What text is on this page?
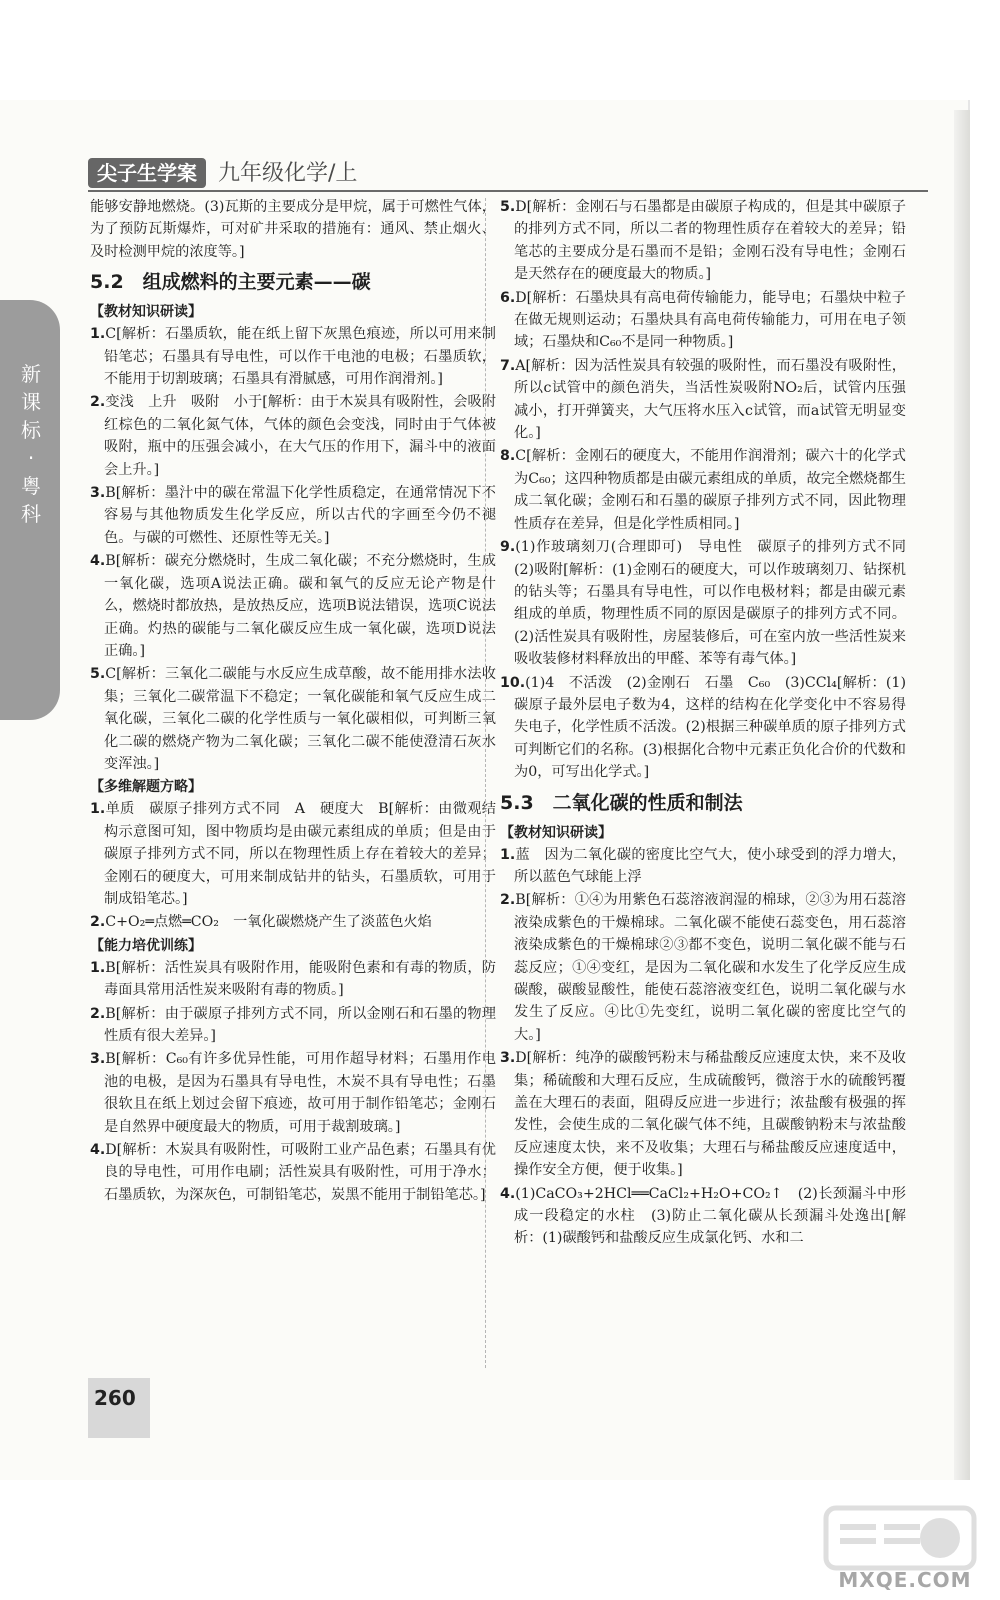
新课标·粤科
尖子生学案 九年级化学/上

能够安静地燃烧。(3)瓦斯的主要成分是甲烷，属于可燃性气体，为了预防瓦斯爆炸，可对矿井采取的措施有：通风、禁止烟火、及时检测甲烷的浓度等。]

5.2　组成燃料的主要元素——碳

【教材知识研读】

1.C[解析：石墨质软，能在纸上留下灰黑色痕迹，所以可用来制铅笔芯；石墨具有导电性，可以作干电池的电极；石墨质软，不能用于切割玻璃；石墨具有滑腻感，可用作润滑剂。]

2.变浅　上升　吸附　小于[解析：由于木炭具有吸附性，会吸附红棕色的二氧化氮气体，气体的颜色会变浅，同时由于气体被吸附，瓶中的压强会减小，在大气压的作用下，漏斗中的液面会上升。]

3.B[解析：墨汁中的碳在常温下化学性质稳定，在通常情况下不容易与其他物质发生化学反应，所以古代的字画至今仍不褪色。与碳的可燃性、还原性等无关。]

4.B[解析：碳充分燃烧时，生成二氧化碳；不充分燃烧时，生成一氧化碳，选项A说法正确。碳和氧气的反应无论产物是什么，燃烧时都放热，是放热反应，选项B说法错误，选项C说法正确。灼热的碳能与二氧化碳反应生成一氧化碳，选项D说法正确。]

5.C[解析：三氧化二碳能与水反应生成草酸，故不能用排水法收集；三氧化二碳常温下不稳定；一氧化碳能和氧气反应生成二氧化碳，三氧化二碳的化学性质与一氧化碳相似，可判断三氧化二碳的燃烧产物为二氧化碳；三氧化二碳不能使澄清石灰水变浑浊。]

【多维解题方略】

1.单质　碳原子排列方式不同　A　硬度大　B[解析：由微观结构示意图可知，图中物质均是由碳元素组成的单质；但是由于碳原子排列方式不同，所以在物理性质上存在着较大的差异；金刚石的硬度大，可用来制成钻井的钻头，石墨质软，可用于制成铅笔芯。]

2.C+O₂═点燃═CO₂　一氧化碳燃烧产生了淡蓝色火焰

【能力培优训练】

1.B[解析：活性炭具有吸附作用，能吸附色素和有毒的物质，防毒面具常用活性炭来吸附有毒的物质。]

2.B[解析：由于碳原子排列方式不同，所以金刚石和石墨的物理性质有很大差异。]

3.B[解析：C₆₀有许多优异性能，可用作超导材料；石墨用作电池的电极，是因为石墨具有导电性，木炭不具有导电性；石墨很软且在纸上划过会留下痕迹，故可用于制作铅笔芯；金刚石是自然界中硬度最大的物质，可用于裁割玻璃。]

4.D[解析：木炭具有吸附性，可吸附工业产品色素；石墨具有优良的导电性，可用作电刷；活性炭具有吸附性，可用于净水；石墨质软，为深灰色，可制铅笔芯，炭黑不能用于制铅笔芯。]

5.D[解析：金刚石与石墨都是由碳原子构成的，但是其中碳原子的排列方式不同，所以二者的物理性质存在着较大的差异；铅笔芯的主要成分是石墨而不是铅；金刚石没有导电性；金刚石是天然存在的硬度最大的物质。]

6.D[解析：石墨炔具有高电荷传输能力，能导电；石墨炔中粒子在做无规则运动；石墨炔具有高电荷传输能力，可用在电子领域；石墨炔和C₆₀不是同一种物质。]

7.A[解析：因为活性炭具有较强的吸附性，而石墨没有吸附性，所以c试管中的颜色消失，当活性炭吸附NO₂后，试管内压强减小，打开弹簧夹，大气压将水压入c试管，而a试管无明显变化。]

8.C[解析：金刚石的硬度大，不能用作润滑剂；碳六十的化学式为C₆₀；这四种物质都是由碳元素组成的单质，故完全燃烧都生成二氧化碳；金刚石和石墨的碳原子排列方式不同，因此物理性质存在差异，但是化学性质相同。]

9.(1)作玻璃刻刀(合理即可)　导电性　碳原子的排列方式不同　(2)吸附[解析：(1)金刚石的硬度大，可以作玻璃刻刀、钻探机的钻头等；石墨具有导电性，可以作电极材料；都是由碳元素组成的单质，物理性质不同的原因是碳原子的排列方式不同。(2)活性炭具有吸附性，房屋装修后，可在室内放一些活性炭来吸收装修材料释放出的甲醛、苯等有毒气体。]

10.(1)4　不活泼　(2)金刚石　石墨　C₆₀　(3)CCl₄[解析：(1)碳原子最外层电子数为4，这样的结构在化学变化中不容易得失电子，化学性质不活泼。(2)根据三种碳单质的原子排列方式可判断它们的名称。(3)根据化合物中元素正负化合价的代数和为0，可写出化学式。]

5.3　二氧化碳的性质和制法

【教材知识研读】

1.蓝　因为二氧化碳的密度比空气大，使小球受到的浮力增大，所以蓝色气球能上浮

2.B[解析：①④为用紫色石蕊溶液润湿的棉球，②③为用石蕊溶液染成紫色的干燥棉球。二氧化碳不能使石蕊变色，用石蕊溶液染成紫色的干燥棉球②③都不变色，说明二氧化碳不能与石蕊反应；①④变红，是因为二氧化碳和水发生了化学反应生成碳酸，碳酸显酸性，能使石蕊溶液变红色，说明二氧化碳与水发生了反应。④比①先变红，说明二氧化碳的密度比空气的大。]

3.D[解析：纯净的碳酸钙粉末与稀盐酸反应速度太快，来不及收集；稀硫酸和大理石反应，生成硫酸钙，微溶于水的硫酸钙覆盖在大理石的表面，阻碍反应进一步进行；浓盐酸有极强的挥发性，会使生成的二氧化碳气体不纯，且碳酸钠粉末与浓盐酸反应速度太快，来不及收集；大理石与稀盐酸反应速度适中，操作安全方便，便于收集。]

4.(1)CaCO₃+2HCl══CaCl₂+H₂O+CO₂↑　(2)长颈漏斗中形成一段稳定的水柱　(3)防止二氧化碳从长颈漏斗处逸出[解析：(1)碳酸钙和盐酸反应生成氯化钙、水和二

260
MXQE.COM
